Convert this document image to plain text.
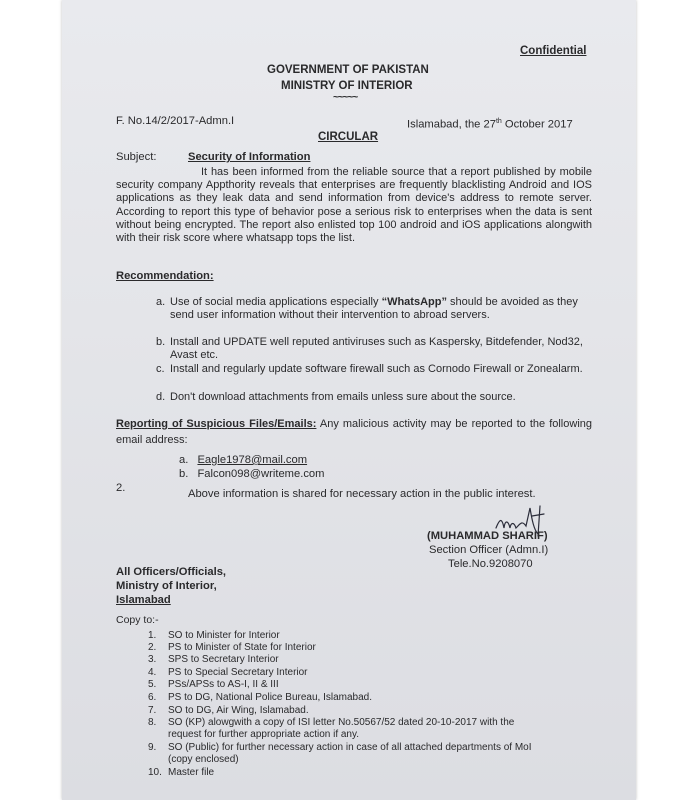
Confidential
GOVERNMENT OF PAKISTAN
MINISTRY OF INTERIOR
~~~~~
F. No.14/2/2017-Admn.I	Islamabad, the 27th October 2017
CIRCULAR
Subject:	Security of Information
It has been informed from the reliable source that a report published by mobile security company Appthority reveals that enterprises are frequently blacklisting Android and IOS applications as they leak data and send information from device's address to remote server. According to report this type of behavior pose a serious risk to enterprises when the data is sent without being encrypted. The report also enlisted top 100 android and iOS applications alongwith with their risk score where whatsapp tops the list.
Recommendation:
a. Use of social media applications especially “WhatsApp” should be avoided as they send user information without their intervention to abroad servers.
b. Install and UPDATE well reputed antiviruses such as Kaspersky, Bitdefender, Nod32, Avast etc.
c. Install and regularly update software firewall such as Cornodo Firewall or Zonealarm.
d. Don't download attachments from emails unless sure about the source.
Reporting of Suspicious Files/Emails: Any malicious activity may be reported to the following email address:
a. Eagle1978@mail.com
b. Falcon098@writeme.com
2.	Above information is shared for necessary action in the public interest.
(MUHAMMAD SHARIF)
Section Officer (Admn.I)
Tele.No.9208070
All Officers/Officials,
Ministry of Interior,
Islamabad
Copy to:-
1. SO to Minister for Interior
2. PS to Minister of State for Interior
3. SPS to Secretary Interior
4. PS to Special Secretary Interior
5. PSs/APSs to AS-I, II & III
6. PS to DG, National Police Bureau, Islamabad.
7. SO to DG, Air Wing, Islamabad.
8. SO (KP) alowgwith a copy of ISI letter No.50567/52 dated 20-10-2017 with the
request for further appropriate action if any.
9. SO (Public) for further necessary action in case of all attached departments of MoI
(copy enclosed)
10. Master file
